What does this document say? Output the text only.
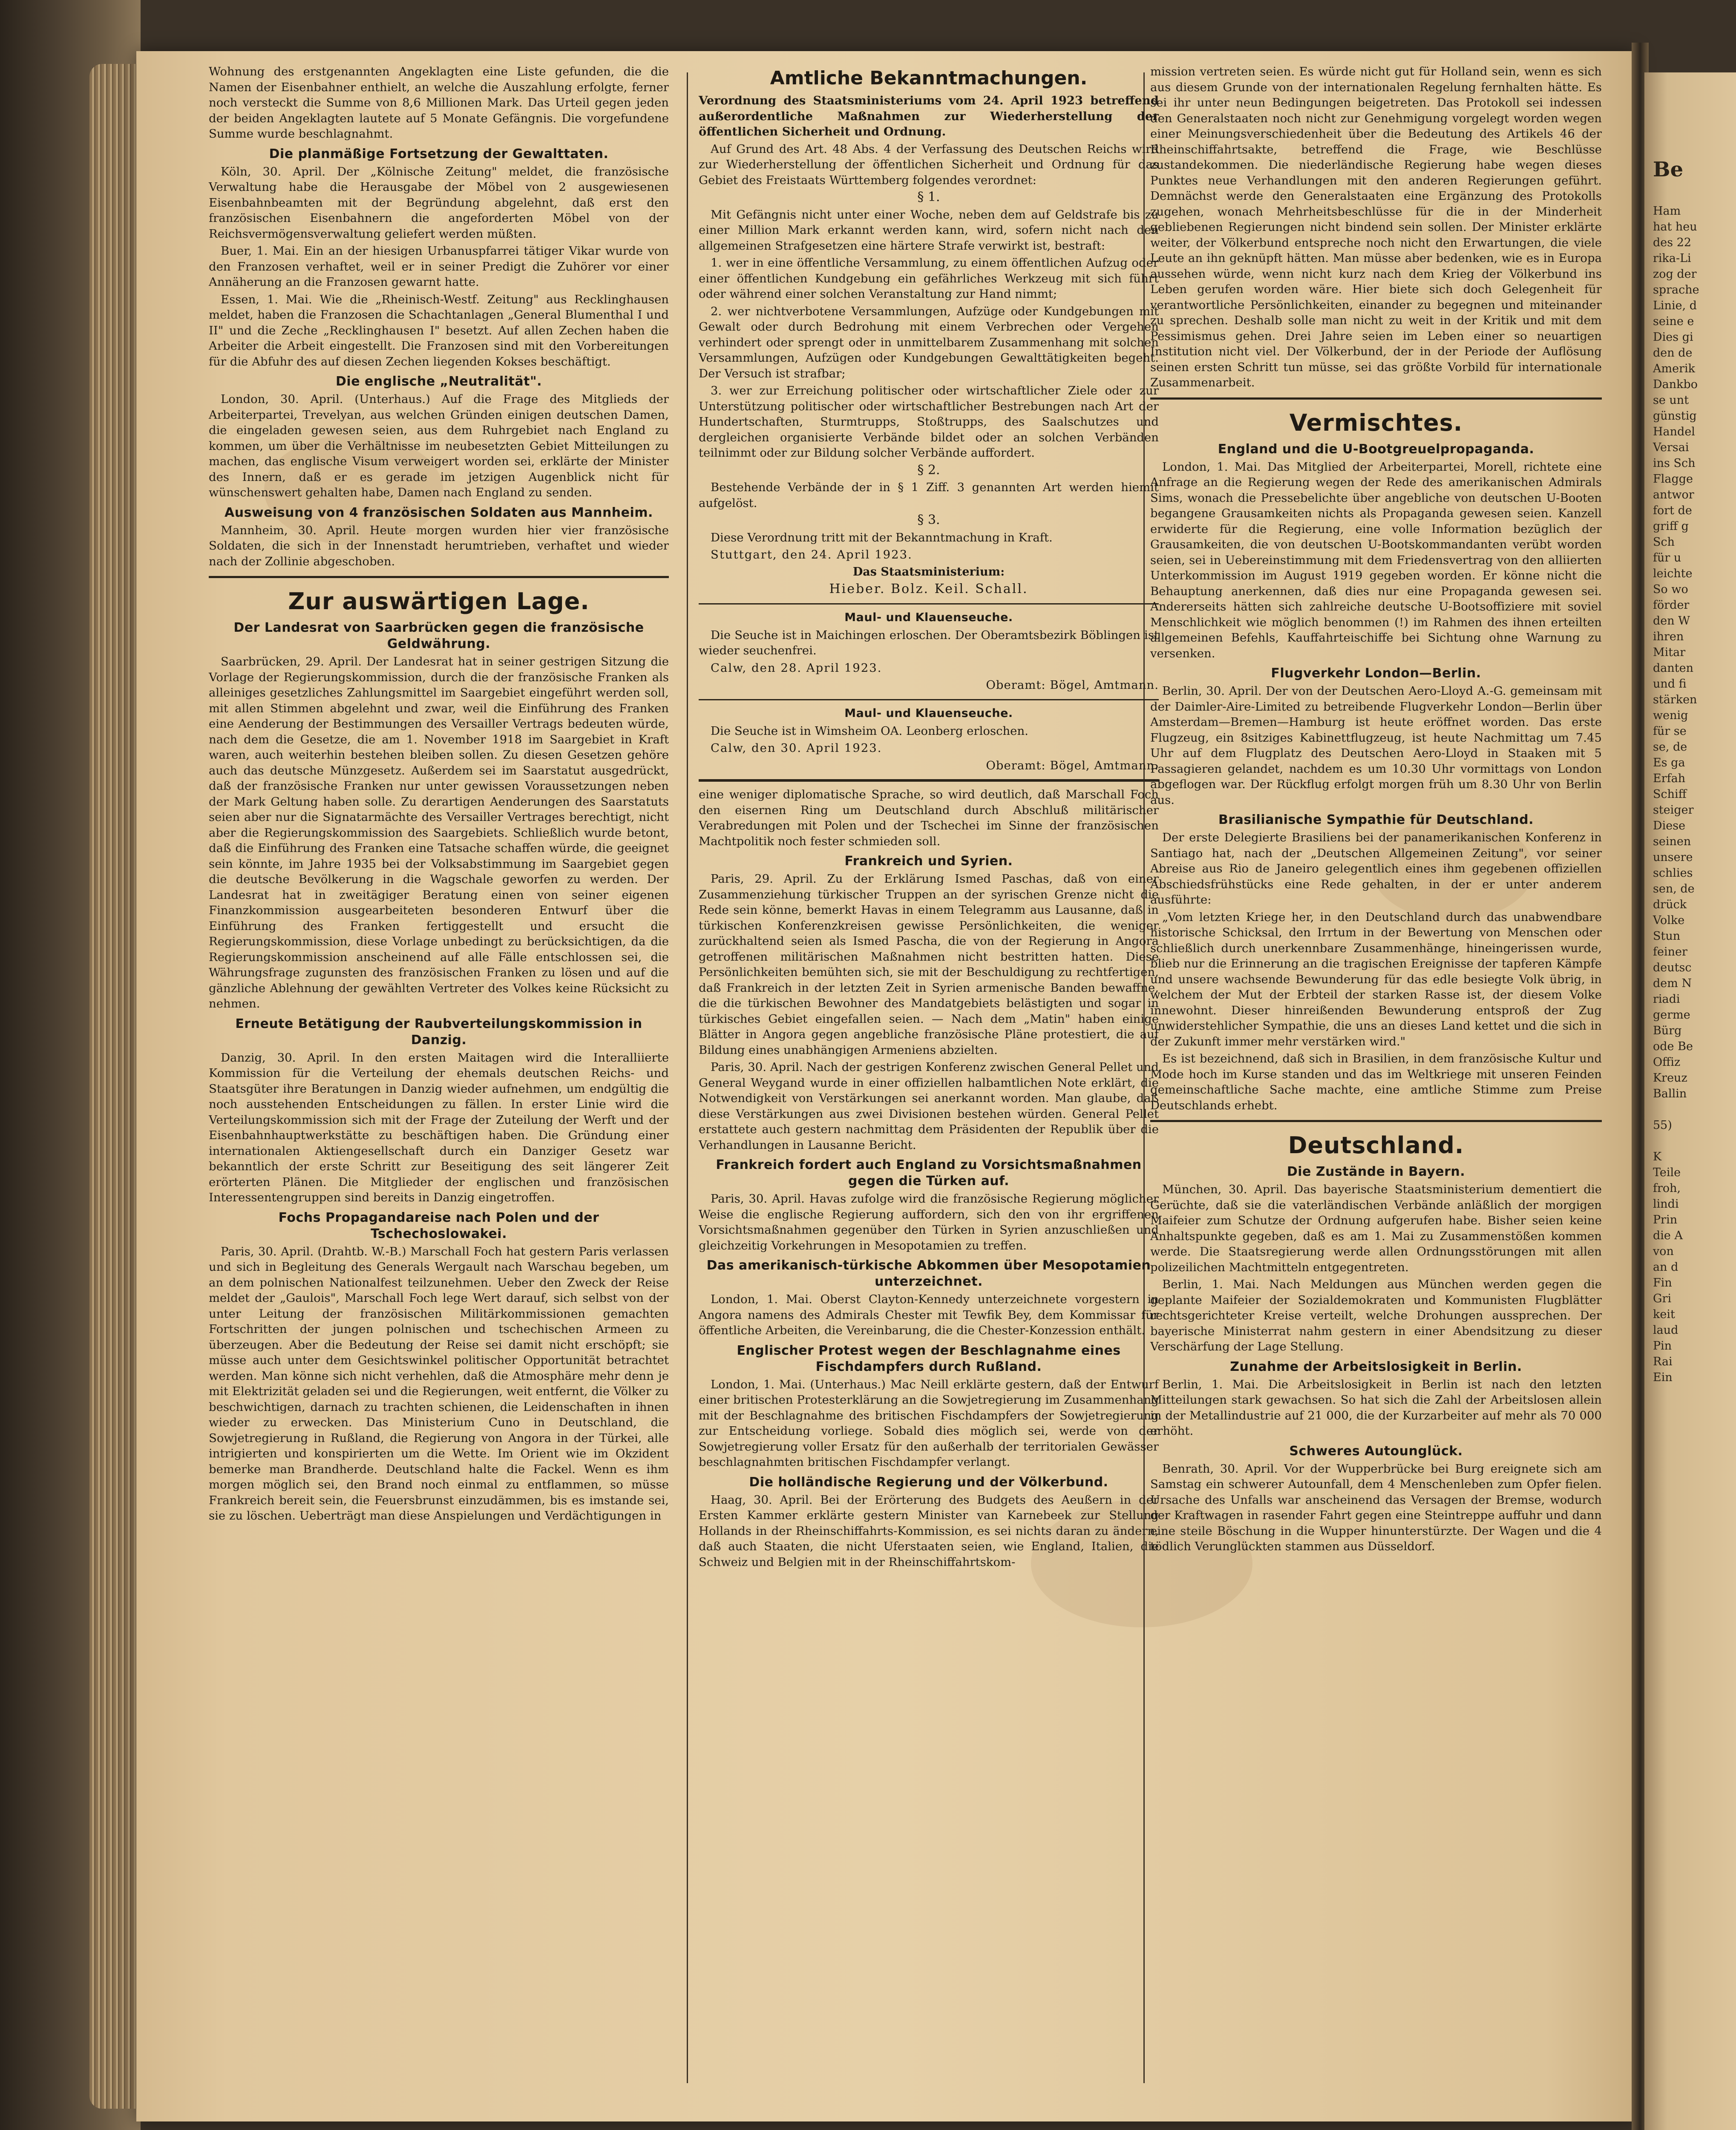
Wohnung des erstgenannten Angeklagten eine Liste gefunden, die die Namen der Eisenbahner enthielt, an welche die Auszahlung erfolgte, ferner noch versteckt die Summe von 8,6 Millionen Mark. Das Urteil gegen jeden der beiden Angeklagten lautete auf 5 Monate Gefängnis. Die vorgefundene Summe wurde beschlagnahmt.

Die planmäßige Fortsetzung der Gewalttaten.

Köln, 30. April. Der „Kölnische Zeitung" meldet, die französische Verwaltung habe die Herausgabe der Möbel von 2 ausgewiesenen Eisenbahnbeamten mit der Begründung abgelehnt, daß erst den französischen Eisenbahnern die angeforderten Möbel von der Reichsvermögensverwaltung geliefert werden müßten.

Buer, 1. Mai. Ein an der hiesigen Urbanuspfarrei tätiger Vikar wurde von den Franzosen verhaftet, weil er in seiner Predigt die Zuhörer vor einer Annäherung an die Franzosen gewarnt hatte.

Essen, 1. Mai. Wie die „Rheinisch-Westf. Zeitung" aus Recklinghausen meldet, haben die Franzosen die Schachtanlagen „General Blumenthal I und II" und die Zeche „Recklinghausen I" besetzt. Auf allen Zechen haben die Arbeiter die Arbeit eingestellt. Die Franzosen sind mit den Vorbereitungen für die Abfuhr des auf diesen Zechen liegenden Kokses beschäftigt.

Die englische „Neutralität".

London, 30. April. (Unterhaus.) Auf die Frage des Mitglieds der Arbeiterpartei, Trevelyan, aus welchen Gründen einigen deutschen Damen, die eingeladen gewesen seien, aus dem Ruhrgebiet nach England zu kommen, um über die Verhältnisse im neubesetzten Gebiet Mitteilungen zu machen, das englische Visum verweigert worden sei, erklärte der Minister des Innern, daß er es gerade im jetzigen Augenblick nicht für wünschenswert gehalten habe, Damen nach England zu senden.

Ausweisung von 4 französischen Soldaten aus Mannheim.

Mannheim, 30. April. Heute morgen wurden hier vier französische Soldaten, die sich in der Innenstadt herumtrieben, verhaftet und wieder nach der Zollinie abgeschoben.

Zur auswärtigen Lage.
Der Landesrat von Saarbrücken gegen die französische Geldwährung.

Saarbrücken, 29. April. Der Landesrat hat in seiner gestrigen Sitzung die Vorlage der Regierungskommission, durch die der französische Franken als alleiniges gesetzliches Zahlungsmittel im Saargebiet eingeführt werden soll, mit allen Stimmen abgelehnt und zwar, weil die Einführung des Franken eine Aenderung der Bestimmungen des Versailler Vertrags bedeuten würde, nach dem die Gesetze, die am 1. November 1918 im Saargebiet in Kraft waren, auch weiterhin bestehen bleiben sollen. Zu diesen Gesetzen gehöre auch das deutsche Münzgesetz. Außerdem sei im Saarstatut ausgedrückt, daß der französische Franken nur unter gewissen Voraussetzungen neben der Mark Geltung haben solle. Zu derartigen Aenderungen des Saarstatuts seien aber nur die Signatarmächte des Versailler Vertrages berechtigt, nicht aber die Regierungskommission des Saargebiets. Schließlich wurde betont, daß die Einführung des Franken eine Tatsache schaffen würde, die geeignet sein könnte, im Jahre 1935 bei der Volksabstimmung im Saargebiet gegen die deutsche Bevölkerung in die Wagschale geworfen zu werden. Der Landesrat hat in zweitägiger Beratung einen von seiner eigenen Finanzkommission ausgearbeiteten besonderen Entwurf über die Einführung des Franken fertiggestellt und ersucht die Regierungskommission, diese Vorlage unbedingt zu berücksichtigen, da die Regierungskommission anscheinend auf alle Fälle entschlossen sei, die Währungsfrage zugunsten des französischen Franken zu lösen und auf die gänzliche Ablehnung der gewählten Vertreter des Volkes keine Rücksicht zu nehmen.

Erneute Betätigung der Raubverteilungskommission in Danzig.

Danzig, 30. April. In den ersten Maitagen wird die Interalliierte Kommission für die Verteilung der ehemals deutschen Reichs- und Staatsgüter ihre Beratungen in Danzig wieder aufnehmen, um endgültig die noch ausstehenden Entscheidungen zu fällen. In erster Linie wird die Verteilungskommission sich mit der Frage der Zuteilung der Werft und der Eisenbahnhauptwerkstätte zu beschäftigen haben. Die Gründung einer internationalen Aktiengesellschaft durch ein Danziger Gesetz war bekanntlich der erste Schritt zur Beseitigung des seit längerer Zeit erörterten Plänen. Die Mitglieder der englischen und französischen Interessentengruppen sind bereits in Danzig eingetroffen.

Fochs Propagandareise nach Polen und der Tschechoslowakei.

Paris, 30. April. (Drahtb. W.-B.) Marschall Foch hat gestern Paris verlassen und sich in Begleitung des Generals Wergault nach Warschau begeben, um an dem polnischen Nationalfest teilzunehmen. Ueber den Zweck der Reise meldet der „Gaulois", Marschall Foch lege Wert darauf, sich selbst von der unter Leitung der französischen Militärkommissionen gemachten Fortschritten der jungen polnischen und tschechischen Armeen zu überzeugen. Aber die Bedeutung der Reise sei damit nicht erschöpft; sie müsse auch unter dem Gesichtswinkel politischer Opportunität betrachtet werden. Man könne sich nicht verhehlen, daß die Atmosphäre mehr denn je mit Elektrizität geladen sei und die Regierungen, weit entfernt, die Völker zu beschwichtigen, darnach zu trachten schienen, die Leidenschaften in ihnen wieder zu erwecken. Das Ministerium Cuno in Deutschland, die Sowjetregierung in Rußland, die Regierung von Angora in der Türkei, alle intrigierten und konspirierten um die Wette. Im Orient wie im Okzident bemerke man Brandherde. Deutschland halte die Fackel. Wenn es ihm morgen möglich sei, den Brand noch einmal zu entflammen, so müsse Frankreich bereit sein, die Feuersbrunst einzudämmen, bis es imstande sei, sie zu löschen. Ueberträgt man diese Anspielungen und Verdächtigungen in

Amtliche Bekanntmachungen.

Verordnung des Staatsministeriums vom 24. April 1923 betreffend außerordentliche Maßnahmen zur Wiederherstellung der öffentlichen Sicherheit und Ordnung.

Auf Grund des Art. 48 Abs. 4 der Verfassung des Deutschen Reichs wird zur Wiederherstellung der öffentlichen Sicherheit und Ordnung für das Gebiet des Freistaats Württemberg folgendes verordnet:

§ 1.

Mit Gefängnis nicht unter einer Woche, neben dem auf Geldstrafe bis zu einer Million Mark erkannt werden kann, wird, sofern nicht nach den allgemeinen Strafgesetzen eine härtere Strafe verwirkt ist, bestraft:

1. wer in eine öffentliche Versammlung, zu einem öffentlichen Aufzug oder einer öffentlichen Kundgebung ein gefährliches Werkzeug mit sich führt oder während einer solchen Veranstaltung zur Hand nimmt;

2. wer nichtverbotene Versammlungen, Aufzüge oder Kundgebungen mit Gewalt oder durch Bedrohung mit einem Verbrechen oder Vergehen verhindert oder sprengt oder in unmittelbarem Zusammenhang mit solchen Versammlungen, Aufzügen oder Kundgebungen Gewalttätigkeiten begeht. Der Versuch ist strafbar;

3. wer zur Erreichung politischer oder wirtschaftlicher Ziele oder zur Unterstützung politischer oder wirtschaftlicher Bestrebungen nach Art der Hundertschaften, Sturmtrupps, Stoßtrupps, des Saalschutzes und dergleichen organisierte Verbände bildet oder an solchen Verbänden teilnimmt oder zur Bildung solcher Verbände auffordert.

§ 2.

Bestehende Verbände der in § 1 Ziff. 3 genannten Art werden hiemit aufgelöst.

§ 3.

Diese Verordnung tritt mit der Bekanntmachung in Kraft.

Stuttgart, den 24. April 1923.

Das Staatsministerium:

Hieber. Bolz. Keil. Schall.

Maul- und Klauenseuche.

Die Seuche ist in Maichingen erloschen. Der Oberamtsbezirk Böblingen ist wieder seuchenfrei.

Calw, den 28. April 1923.

Oberamt: Bögel, Amtmann.

Maul- und Klauenseuche.

Die Seuche ist in Wimsheim OA. Leonberg erloschen.

Calw, den 30. April 1923.

Oberamt: Bögel, Amtmann.

eine weniger diplomatische Sprache, so wird deutlich, daß Marschall Foch den eisernen Ring um Deutschland durch Abschluß militärischer Verabredungen mit Polen und der Tschechei im Sinne der französischen Machtpolitik noch fester schmieden soll.

Frankreich und Syrien.

Paris, 29. April. Zu der Erklärung Ismed Paschas, daß von einer Zusammenziehung türkischer Truppen an der syrischen Grenze nicht die Rede sein könne, bemerkt Havas in einem Telegramm aus Lausanne, daß in türkischen Konferenzkreisen gewisse Persönlichkeiten, die weniger zurückhaltend seien als Ismed Pascha, die von der Regierung in Angora getroffenen militärischen Maßnahmen nicht bestritten hatten. Diese Persönlichkeiten bemühten sich, sie mit der Beschuldigung zu rechtfertigen, daß Frankreich in der letzten Zeit in Syrien armenische Banden bewaffne, die die türkischen Bewohner des Mandatgebiets belästigten und sogar in türkisches Gebiet eingefallen seien. — Nach dem „Matin" haben einige Blätter in Angora gegen angebliche französische Pläne protestiert, die auf Bildung eines unabhängigen Armeniens abzielten.

Paris, 30. April. Nach der gestrigen Konferenz zwischen General Pellet und General Weygand wurde in einer offiziellen halbamtlichen Note erklärt, die Notwendigkeit von Verstärkungen sei anerkannt worden. Man glaube, daß diese Verstärkungen aus zwei Divisionen bestehen würden. General Pellet erstattete auch gestern nachmittag dem Präsidenten der Republik über die Verhandlungen in Lausanne Bericht.

Frankreich fordert auch England zu Vorsichtsmaßnahmen gegen die Türken auf.

Paris, 30. April. Havas zufolge wird die französische Regierung möglicher Weise die englische Regierung auffordern, sich den von ihr ergriffenen Vorsichtsmaßnahmen gegenüber den Türken in Syrien anzuschließen und gleichzeitig Vorkehrungen in Mesopotamien zu treffen.

Das amerikanisch-türkische Abkommen über Mesopotamien unterzeichnet.

London, 1. Mai. Oberst Clayton-Kennedy unterzeichnete vorgestern in Angora namens des Admirals Chester mit Tewfik Bey, dem Kommissar für öffentliche Arbeiten, die Vereinbarung, die die Chester-Konzession enthält.

Englischer Protest wegen der Beschlagnahme eines Fischdampfers durch Rußland.

London, 1. Mai. (Unterhaus.) Mac Neill erklärte gestern, daß der Entwurf einer britischen Protesterklärung an die Sowjetregierung im Zusammenhang mit der Beschlagnahme des britischen Fischdampfers der Sowjetregierung zur Entscheidung vorliege. Sobald dies möglich sei, werde von der Sowjetregierung voller Ersatz für den außerhalb der territorialen Gewässer beschlagnahmten britischen Fischdampfer verlangt.

Die holländische Regierung und der Völkerbund.

Haag, 30. April. Bei der Erörterung des Budgets des Aeußern in der Ersten Kammer erklärte gestern Minister van Karnebeek zur Stellung Hollands in der Rheinschiffahrts-Kommission, es sei nichts daran zu ändern, daß auch Staaten, die nicht Uferstaaten seien, wie England, Italien, die Schweiz und Belgien mit in der Rheinschiffahrtskom-

mission vertreten seien. Es würde nicht gut für Holland sein, wenn es sich aus diesem Grunde von der internationalen Regelung fernhalten hätte. Es sei ihr unter neun Bedingungen beigetreten. Das Protokoll sei indessen den Generalstaaten noch nicht zur Genehmigung vorgelegt worden wegen einer Meinungsverschiedenheit über die Bedeutung des Artikels 46 der Rheinschiffahrtsakte, betreffend die Frage, wie Beschlüsse zustandekommen. Die niederländische Regierung habe wegen dieses Punktes neue Verhandlungen mit den anderen Regierungen geführt. Demnächst werde den Generalstaaten eine Ergänzung des Protokolls zugehen, wonach Mehrheitsbeschlüsse für die in der Minderheit gebliebenen Regierungen nicht bindend sein sollen. Der Minister erklärte weiter, der Völkerbund entspreche noch nicht den Erwartungen, die viele Leute an ihn geknüpft hätten. Man müsse aber bedenken, wie es in Europa aussehen würde, wenn nicht kurz nach dem Krieg der Völkerbund ins Leben gerufen worden wäre. Hier biete sich doch Gelegenheit für verantwortliche Persönlichkeiten, einander zu begegnen und miteinander zu sprechen. Deshalb solle man nicht zu weit in der Kritik und mit dem Pessimismus gehen. Drei Jahre seien im Leben einer so neuartigen Institution nicht viel. Der Völkerbund, der in der Periode der Auflösung seinen ersten Schritt tun müsse, sei das größte Vorbild für internationale Zusammenarbeit.

Vermischtes.
England und die U-Bootgreuelpropaganda.

London, 1. Mai. Das Mitglied der Arbeiterpartei, Morell, richtete eine Anfrage an die Regierung wegen der Rede des amerikanischen Admirals Sims, wonach die Pressebelichte über angebliche von deutschen U-Booten begangene Grausamkeiten nichts als Propaganda gewesen seien. Kanzell erwiderte für die Regierung, eine volle Information bezüglich der Grausamkeiten, die von deutschen U-Bootskommandanten verübt worden seien, sei in Uebereinstimmung mit dem Friedensvertrag von den alliierten Unterkommission im August 1919 gegeben worden. Er könne nicht die Behauptung anerkennen, daß dies nur eine Propaganda gewesen sei. Andererseits hätten sich zahlreiche deutsche U-Bootsoffiziere mit soviel Menschlichkeit wie möglich benommen (!) im Rahmen des ihnen erteilten allgemeinen Befehls, Kauffahrteischiffe bei Sichtung ohne Warnung zu versenken.

Flugverkehr London—Berlin.

Berlin, 30. April. Der von der Deutschen Aero-Lloyd A.-G. gemeinsam mit der Daimler-Aire-Limited zu betreibende Flugverkehr London—Berlin über Amsterdam—Bremen—Hamburg ist heute eröffnet worden. Das erste Flugzeug, ein 8sitziges Kabinettflugzeug, ist heute Nachmittag um 7.45 Uhr auf dem Flugplatz des Deutschen Aero-Lloyd in Staaken mit 5 Passagieren gelandet, nachdem es um 10.30 Uhr vormittags von London abgeflogen war. Der Rückflug erfolgt morgen früh um 8.30 Uhr von Berlin aus.

Brasilianische Sympathie für Deutschland.

Der erste Delegierte Brasiliens bei der panamerikanischen Konferenz in Santiago hat, nach der „Deutschen Allgemeinen Zeitung", vor seiner Abreise aus Rio de Janeiro gelegentlich eines ihm gegebenen offiziellen Abschiedsfrühstücks eine Rede gehalten, in der er unter anderem ausführte:

„Vom letzten Kriege her, in den Deutschland durch das unabwendbare historische Schicksal, den Irrtum in der Bewertung von Menschen oder schließlich durch unerkennbare Zusammenhänge, hineingerissen wurde, blieb nur die Erinnerung an die tragischen Ereignisse der tapferen Kämpfe und unsere wachsende Bewunderung für das edle besiegte Volk übrig, in welchem der Mut der Erbteil der starken Rasse ist, der diesem Volke innewohnt. Dieser hinreißenden Bewunderung entsproß der Zug unwiderstehlicher Sympathie, die uns an dieses Land kettet und die sich in der Zukunft immer mehr verstärken wird."

Es ist bezeichnend, daß sich in Brasilien, in dem französische Kultur und Mode hoch im Kurse standen und das im Weltkriege mit unseren Feinden gemeinschaftliche Sache machte, eine amtliche Stimme zum Preise Deutschlands erhebt.

Deutschland.
Die Zustände in Bayern.

München, 30. April. Das bayerische Staatsministerium dementiert die Gerüchte, daß sie die vaterländischen Verbände anläßlich der morgigen Maifeier zum Schutze der Ordnung aufgerufen habe. Bisher seien keine Anhaltspunkte gegeben, daß es am 1. Mai zu Zusammenstößen kommen werde. Die Staatsregierung werde allen Ordnungsstörungen mit allen polizeilichen Machtmitteln entgegentreten.

Berlin, 1. Mai. Nach Meldungen aus München werden gegen die geplante Maifeier der Sozialdemokraten und Kommunisten Flugblätter rechtsgerichteter Kreise verteilt, welche Drohungen aussprechen. Der bayerische Ministerrat nahm gestern in einer Abendsitzung zu dieser Verschärfung der Lage Stellung.

Zunahme der Arbeitslosigkeit in Berlin.

Berlin, 1. Mai. Die Arbeitslosigkeit in Berlin ist nach den letzten Mitteilungen stark gewachsen. So hat sich die Zahl der Arbeitslosen allein in der Metallindustrie auf 21 000, die der Kurzarbeiter auf mehr als 70 000 erhöht.

Schweres Autounglück.

Benrath, 30. April. Vor der Wupperbrücke bei Burg ereignete sich am Samstag ein schwerer Autounfall, dem 4 Menschenleben zum Opfer fielen. Ursache des Unfalls war anscheinend das Versagen der Bremse, wodurch der Kraftwagen in rasender Fahrt gegen eine Steintreppe auffuhr und dann eine steile Böschung in die Wupper hinunterstürzte. Der Wagen und die 4 tödlich Verunglückten stammen aus Düsseldorf.

Be
Ham
hat heu
des 22
rika-Li
zog der
sprache
Linie, d
seine e
Dies gi
den de
Amerik
Dankbo
se unt
günstig
Handel
Versai
ins Sch
Flagge
antwor
fort de
griff g
Sch
für u
leichte
So wo
förder
den W
ihren
Mitar
danten
und fi
stärken
wenig
für se
se, de
Es ga
Erfah
Schiff
steiger
Diese
seinen
unsere
schlies
sen, de
drück
Volke
Stun
feiner
deutsc
dem N
riadi
germe
Bürg
ode Be
Offiz
Kreuz
Ballin
55)
K
Teile
froh,
lindi
Prin
die A
von
an d
Fin
Gri
keit
laud
Pin
Rai
Ein
